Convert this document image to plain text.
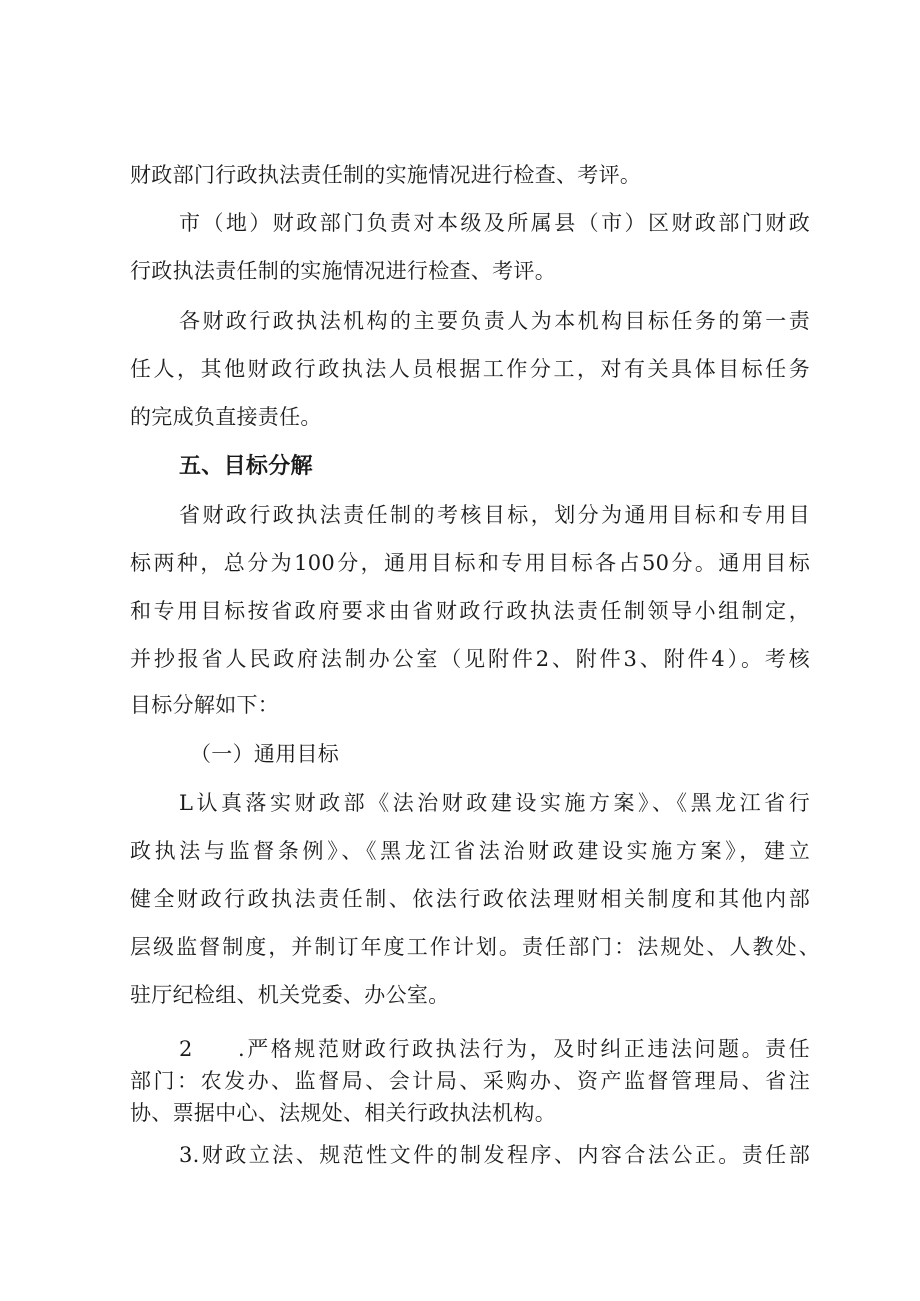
财政部门行政执法责任制的实施情况进行检查、考评。
市（地）财政部门负责对本级及所属县（市）区财政部门财政
行政执法责任制的实施情况进行检查、考评。
各财政行政执法机构的主要负责人为本机构目标任务的第一责
任人，其他财政行政执法人员根据工作分工，对有关具体目标任务
的完成负直接责任。
五、目标分解
省财政行政执法责任制的考核目标，划分为通用目标和专用目
标两种，总分为100分，通用目标和专用目标各占50分。通用目标
和专用目标按省政府要求由省财政行政执法责任制领导小组制定，
并抄报省人民政府法制办公室（见附件2、附件3、附件4）。考核
目标分解如下：
（一）通用目标
L认真落实财政部《法治财政建设实施方案》、《黑龙江省行
政执法与监督条例》、《黑龙江省法治财政建设实施方案》，建立
健全财政行政执法责任制、依法行政依法理财相关制度和其他内部
层级监督制度，并制订年度工作计划。责任部门：法规处、人教处、
驻厅纪检组、机关党委、办公室。
2 .严格规范财政行政执法行为，及时纠正违法问题。责任
部门：农发办、监督局、会计局、采购办、资产监督管理局、省注
协、票据中心、法规处、相关行政执法机构。
3.财政立法、规范性文件的制发程序、内容合法公正。责任部
